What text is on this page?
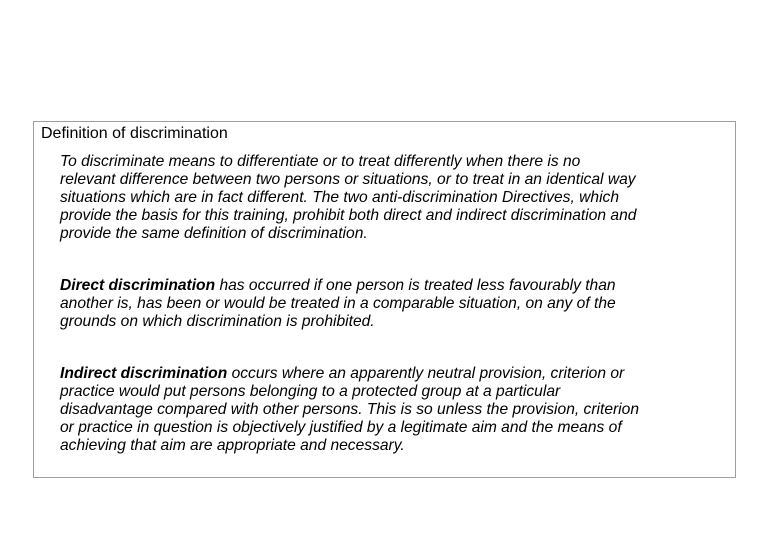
Definition of discrimination
To discriminate means to differentiate or to treat differently when there is no
relevant difference between two persons or situations, or to treat in an identical way
situations which are in fact different. The two anti-discrimination Directives, which
provide the basis for this training, prohibit both direct and indirect discrimination and
provide the same definition of discrimination.
Direct discrimination has occurred if one person is treated less favourably than
another is, has been or would be treated in a comparable situation, on any of the
grounds on which discrimination is prohibited.
Indirect discrimination occurs where an apparently neutral provision, criterion or
practice would put persons belonging to a protected group at a particular
disadvantage compared with other persons. This is so unless the provision, criterion
or practice in question is objectively justified by a legitimate aim and the means of
achieving that aim are appropriate and necessary.
